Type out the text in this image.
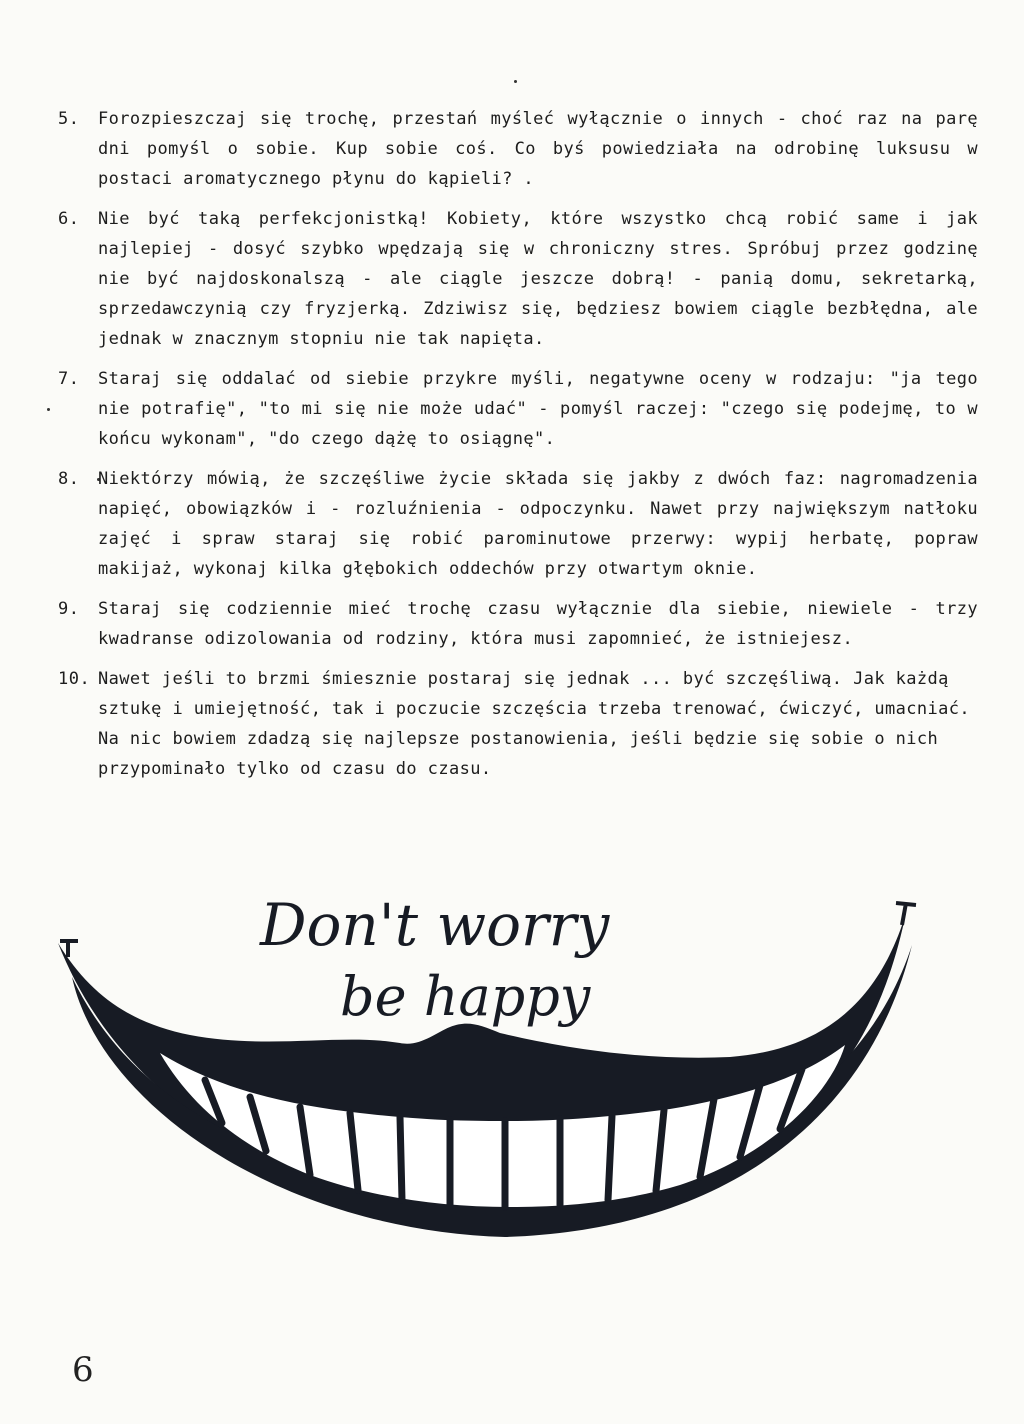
5.	Forozpieszczaj się trochę, przestań myśleć wyłącznie o innych - choć raz na parę dni pomyśl o sobie. Kup sobie coś. Co byś powiedziała na odrobinę luksusu w postaci aromatycznego płynu do kąpieli? .
6.	Nie być taką perfekcjonistką! Kobiety, które wszystko chcą robić same i jak najlepiej - dosyć szybko wpędzają się w chroniczny stres. Spróbuj przez godzinę nie być najdoskonalszą - ale ciągle jeszcze dobrą! - panią domu, sekretarką, sprzedawczynią czy fryzjerką. Zdziwisz się, będziesz bowiem ciągle bezbłędna, ale jednak w znacznym stopniu nie tak napięta.
7.	Staraj się oddalać od siebie przykre myśli, negatywne oceny w rodzaju: "ja tego nie potrafię", "to mi się nie może udać" - pomyśl raczej: "czego się podejmę, to w końcu wykonam", "do czego dążę to osiągnę".
8.	Niektórzy mówią, że szczęśliwe życie składa się jakby z dwóch faz: nagromadzenia napięć, obowiązków i - rozluźnienia - odpoczynku. Nawet przy największym natłoku zajęć i spraw staraj się robić parominutowe przerwy: wypij herbatę, popraw makijaż, wykonaj kilka głębokich oddechów przy otwartym oknie.
9.	Staraj się codziennie mieć trochę czasu wyłącznie dla siebie, niewiele - trzy kwadranse odizolowania od rodziny, która musi zapomnieć, że istniejesz.
10. Nawet jeśli to brzmi śmiesznie postaraj się jednak ... być szczęśliwą. Jak każdą sztukę i umiejętność, tak i poczucie szczęścia trzeba trenować, ćwiczyć, umacniać. Na nic bowiem zdadzą się najlepsze postanowienia, jeśli będzie się sobie o nich przypominało tylko od czasu do czasu.
Don't worry
be happy
6
